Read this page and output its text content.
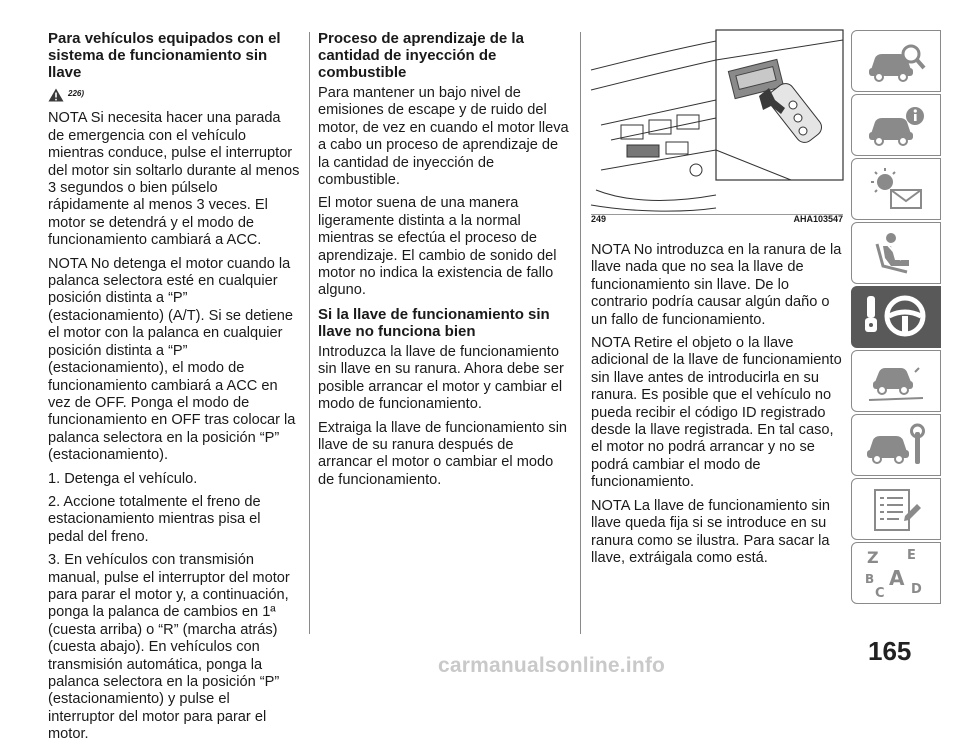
Para vehículos equipados con el sistema de funcionamiento sin llave
226)

NOTA Si necesita hacer una parada de emergencia con el vehículo mientras conduce, pulse el interruptor del motor sin soltarlo durante al menos 3 segundos o bien púlselo rápidamente al menos 3 veces. El motor se detendrá y el modo de funcionamiento cambiará a ACC.

NOTA No detenga el motor cuando la palanca selectora esté en cualquier posición distinta a “P” (estacionamiento) (A/T). Si se detiene el motor con la palanca en cualquier posición distinta a “P” (estacionamiento), el modo de funcionamiento cambiará a ACC en vez de OFF. Ponga el modo de funcionamiento en OFF tras colocar la palanca selectora en la posición “P” (estacionamiento).

1. Detenga el vehículo.

2. Accione totalmente el freno de estacionamiento mientras pisa el pedal del freno.

3. En vehículos con transmisión manual, pulse el interruptor del motor para parar el motor y, a continuación, ponga la palanca de cambios en 1ª (cuesta arriba) o “R” (marcha atrás) (cuesta abajo). En vehículos con transmisión automática, ponga la palanca selectora en la posición “P” (estacionamiento) y pulse el interruptor del motor para parar el motor.

Proceso de aprendizaje de la cantidad de inyección de combustible

Para mantener un bajo nivel de emisiones de escape y de ruido del motor, de vez en cuando el motor lleva a cabo un proceso de aprendizaje de la cantidad de inyección de combustible.

El motor suena de una manera ligeramente distinta a la normal mientras se efectúa el proceso de aprendizaje. El cambio de sonido del motor no indica la existencia de fallo alguno.

Si la llave de funcionamiento sin llave no funciona bien

Introduzca la llave de funcionamiento sin llave en su ranura. Ahora debe ser posible arrancar el motor y cambiar el modo de funcionamiento.

Extraiga la llave de funcionamiento sin llave de su ranura después de arrancar el motor o cambiar el modo de funcionamiento.

249	AHA103547

NOTA No introduzca en la ranura de la llave nada que no sea la llave de funcionamiento sin llave. De lo contrario podría causar algún daño o un fallo de funcionamiento.

NOTA Retire el objeto o la llave adicional de la llave de funcionamiento sin llave antes de introducirla en su ranura. Es posible que el vehículo no pueda recibir el código ID registrado desde la llave registrada. En tal caso, el motor no podrá arrancar y no se podrá cambiar el modo de funcionamiento.

NOTA La llave de funcionamiento sin llave queda fija si se introduce en su ranura como se ilustra. Para sacar la llave, extráigala como está.	Z E
B A
C D
165
carmanualsonline.info
